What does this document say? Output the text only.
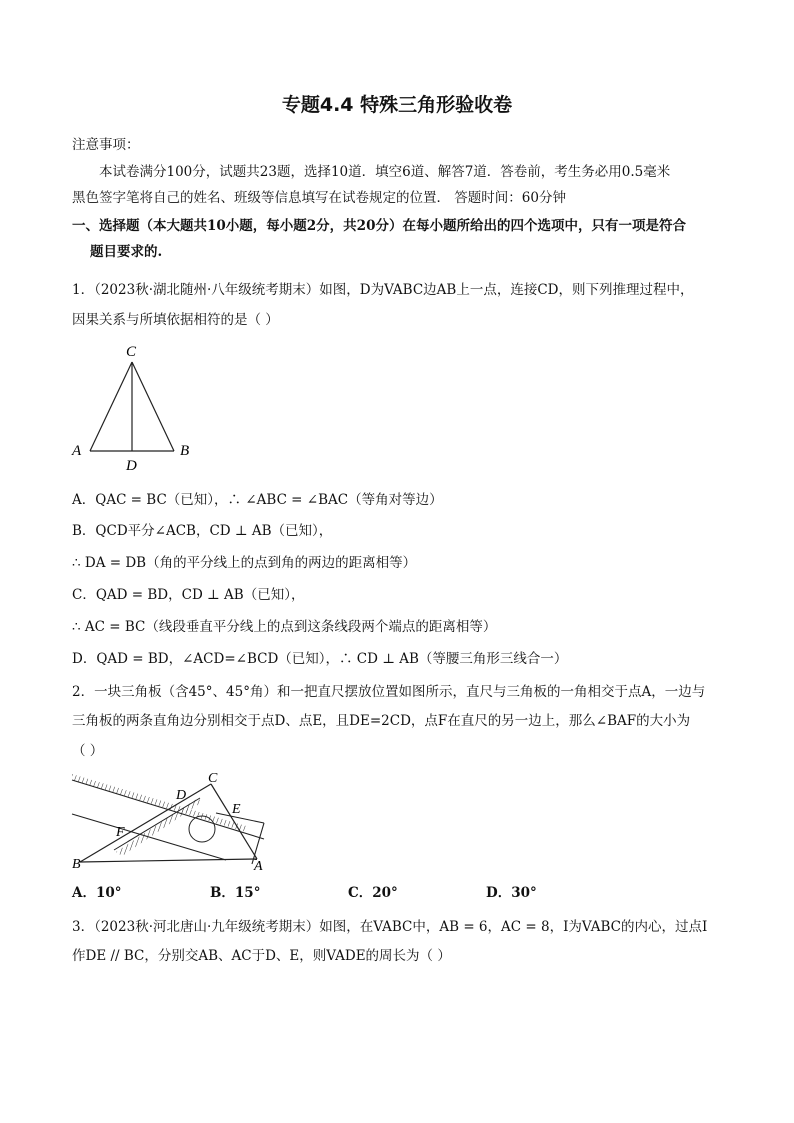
专题4.4 特殊三角形验收卷
注意事项：
本试卷满分100分，试题共23题，选择10道．填空6道、解答7道．答卷前，考生务必用0.5毫米
黑色签字笔将自己的姓名、班级等信息填写在试卷规定的位置． 答题时间：60分钟
一、选择题（本大题共10小题，每小题2分，共20分）在每小题所给出的四个选项中，只有一项是符合
题目要求的.
1．（2023秋·湖北随州·八年级统考期末）如图，D为VABC边AB上一点，连接CD，则下列推理过程中，
因果关系与所填依据相符的是（ ）
C
A
D
B
A．QAC = BC（已知），∴ ∠ABC = ∠BAC（等角对等边）
B．QCD平分∠ACB，CD ⊥ AB（已知），
∴ DA = DB（角的平分线上的点到角的两边的距离相等）
C．QAD = BD，CD ⊥ AB（已知），
∴ AC = BC（线段垂直平分线上的点到这条线段两个端点的距离相等）
D．QAD = BD，∠ACD=∠BCD（已知），∴ CD ⊥ AB（等腰三角形三线合一）
2．一块三角板（含45°、45°角）和一把直尺摆放位置如图所示，直尺与三角板的一角相交于点A，一边与
三角板的两条直角边分别相交于点D、点E，且DE=2CD，点F在直尺的另一边上，那么∠BAF的大小为
（ ）
C
D
E
F
B	A
A．10°	B．15°	C．20°	D．30°
3．（2023秋·河北唐山·九年级统考期末）如图，在VABC中，AB = 6，AC = 8，I为VABC的内心，过点I
作DE // BC，分别交AB、AC于D、E，则VADE的周长为（ ）
